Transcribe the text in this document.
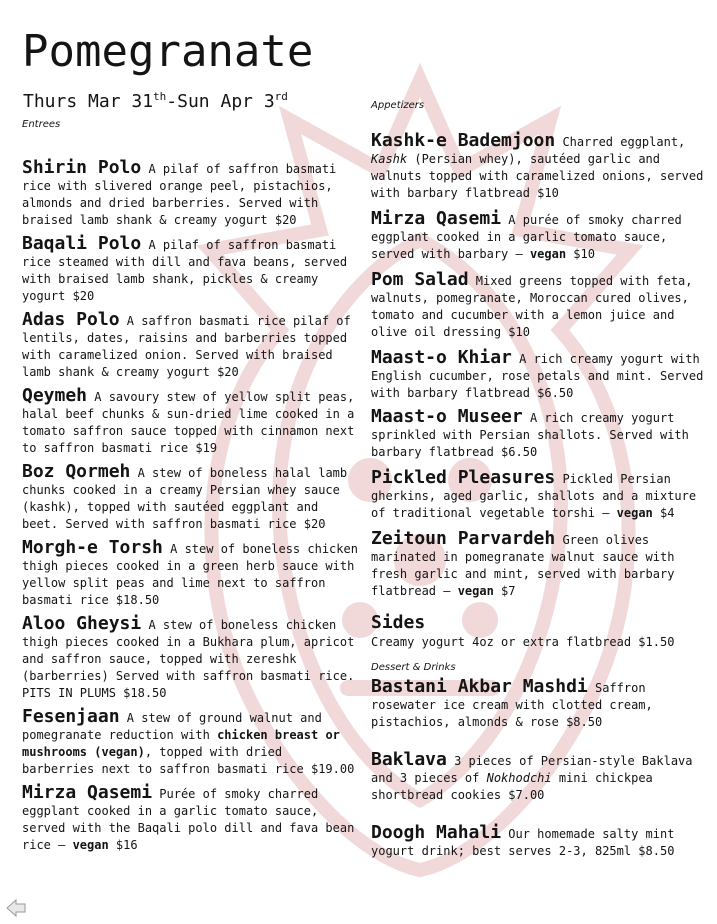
Pomegranate
Thurs Mar 31th-Sun Apr 3rd
Entrees

Shirin Polo A pilaf of saffron basmati rice with slivered orange peel, pistachios, almonds and dried barberries. Served with braised lamb shank & creamy yogurt $20

Baqali Polo A pilaf of saffron basmati rice steamed with dill and fava beans, served with braised lamb shank, pickles & creamy yogurt $20

Adas Polo A saffron basmati rice pilaf of lentils, dates, raisins and barberries topped with caramelized onion. Served with braised lamb shank & creamy yogurt $20

Qeymeh A savoury stew of yellow split peas, halal beef chunks & sun-dried lime cooked in a tomato saffron sauce topped with cinnamon next to saffron basmati rice $19

Boz Qormeh A stew of boneless halal lamb chunks cooked in a creamy Persian whey sauce (kashk), topped with sautéed eggplant and beet. Served with saffron basmati rice $20

Morgh-e Torsh A stew of boneless chicken thigh pieces cooked in a green herb sauce with yellow split peas and lime next to saffron basmati rice $18.50

Aloo Gheysi A stew of boneless chicken thigh pieces cooked in a Bukhara plum, apricot and saffron sauce, topped with zereshk (barberries) Served with saffron basmati rice. PITS IN PLUMS $18.50

Fesenjaan A stew of ground walnut and pomegranate reduction with chicken breast or mushrooms (vegan), topped with dried barberries next to saffron basmati rice $19.00

Mirza Qasemi Purée of smoky charred eggplant cooked in a garlic tomato sauce, served with the Baqali polo dill and fava bean rice – vegan $16

Appetizers

Kashk-e Bademjoon Charred eggplant, Kashk (Persian whey), sautéed garlic and walnuts topped with caramelized onions, served with barbary flatbread $10

Mirza Qasemi A purée of smoky charred eggplant cooked in a garlic tomato sauce, served with barbary – vegan $10

Pom Salad Mixed greens topped with feta, walnuts, pomegranate, Moroccan cured olives, tomato and cucumber with a lemon juice and olive oil dressing $10

Maast-o Khiar A rich creamy yogurt with English cucumber, rose petals and mint. Served with barbary flatbread $6.50

Maast-o Museer A rich creamy yogurt sprinkled with Persian shallots. Served with barbary flatbread $6.50

Pickled Pleasures Pickled Persian gherkins, aged garlic, shallots and a mixture of traditional vegetable torshi – vegan $4

Zeitoun Parvardeh Green olives marinated in pomegranate walnut sauce with fresh garlic and mint, served with barbary flatbread – vegan $7

Sides

Creamy yogurt 4oz or extra flatbread $1.50

Dessert & Drinks

Bastani Akbar Mashdi Saffron rosewater ice cream with clotted cream, pistachios, almonds & rose $8.50

Baklava 3 pieces of Persian-style Baklava and 3 pieces of Nokhodchi mini chickpea shortbread cookies $7.00

Doogh Mahali Our homemade salty mint yogurt drink; best serves 2-3, 825ml $8.50
